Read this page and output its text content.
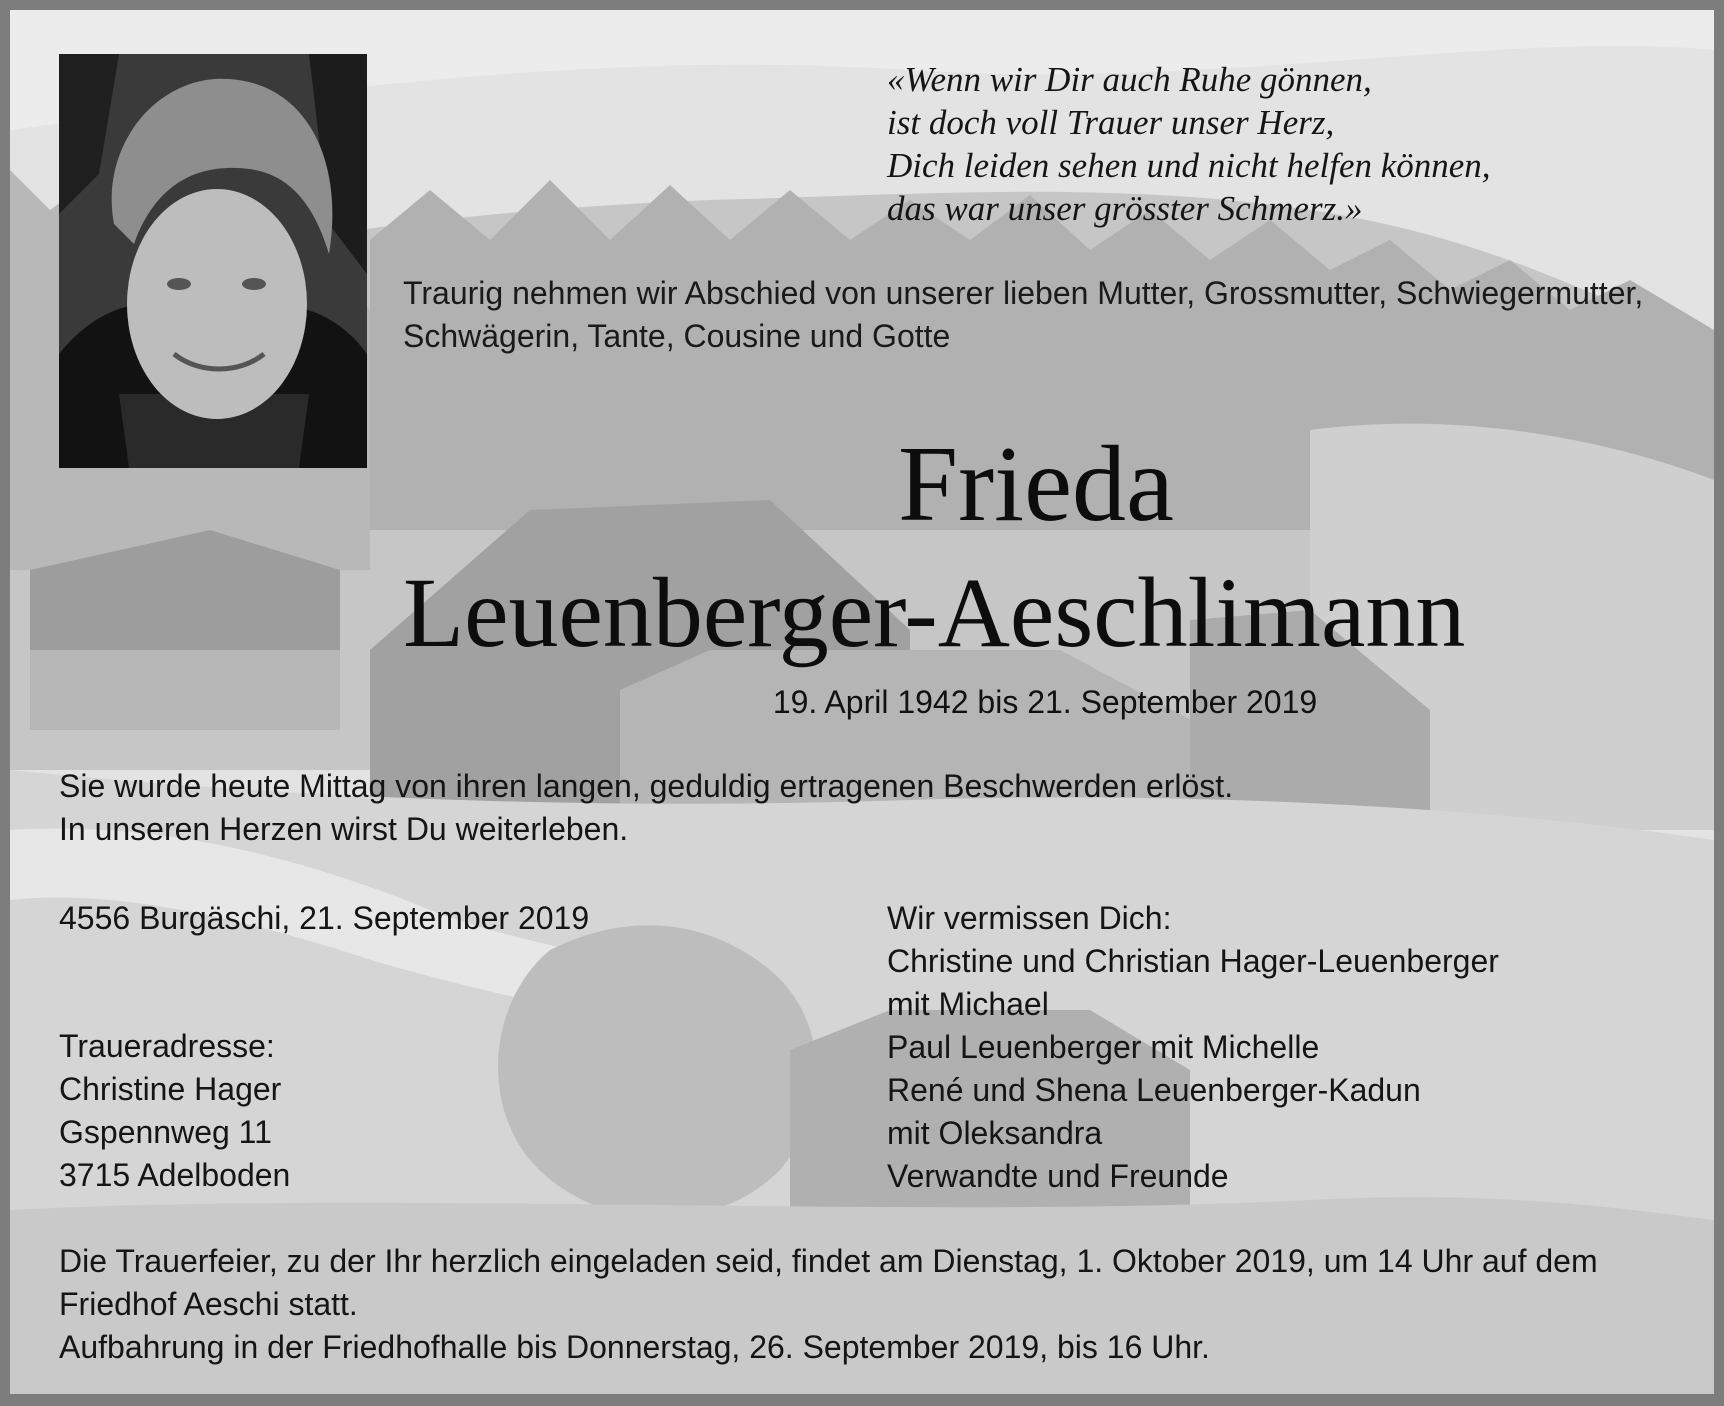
«Wenn wir Dir auch Ruhe gönnen,
ist doch voll Trauer unser Herz,
Dich leiden sehen und nicht helfen können,
das war unser grösster Schmerz.»
Traurig nehmen wir Abschied von unserer lieben Mutter, Grossmutter, Schwiegermutter,
Schwägerin, Tante, Cousine und Gotte
Frieda
Leuenberger-Aeschlimann
19. April 1942 bis 21. September 2019
Sie wurde heute Mittag von ihren langen, geduldig ertragenen Beschwerden erlöst.
In unseren Herzen wirst Du weiterleben.
4556 Burgäschi, 21. September 2019
Traueradresse:
Christine Hager
Gspennweg 11
3715 Adelboden
Wir vermissen Dich:
Christine und Christian Hager-Leuenberger
mit Michael
Paul Leuenberger mit Michelle
René und Shena Leuenberger-Kadun
mit Oleksandra
Verwandte und Freunde
Die Trauerfeier, zu der Ihr herzlich eingeladen seid, findet am Dienstag, 1. Oktober 2019, um 14 Uhr auf dem
Friedhof Aeschi statt.
Aufbahrung in der Friedhofhalle bis Donnerstag, 26. September 2019, bis 16 Uhr.
